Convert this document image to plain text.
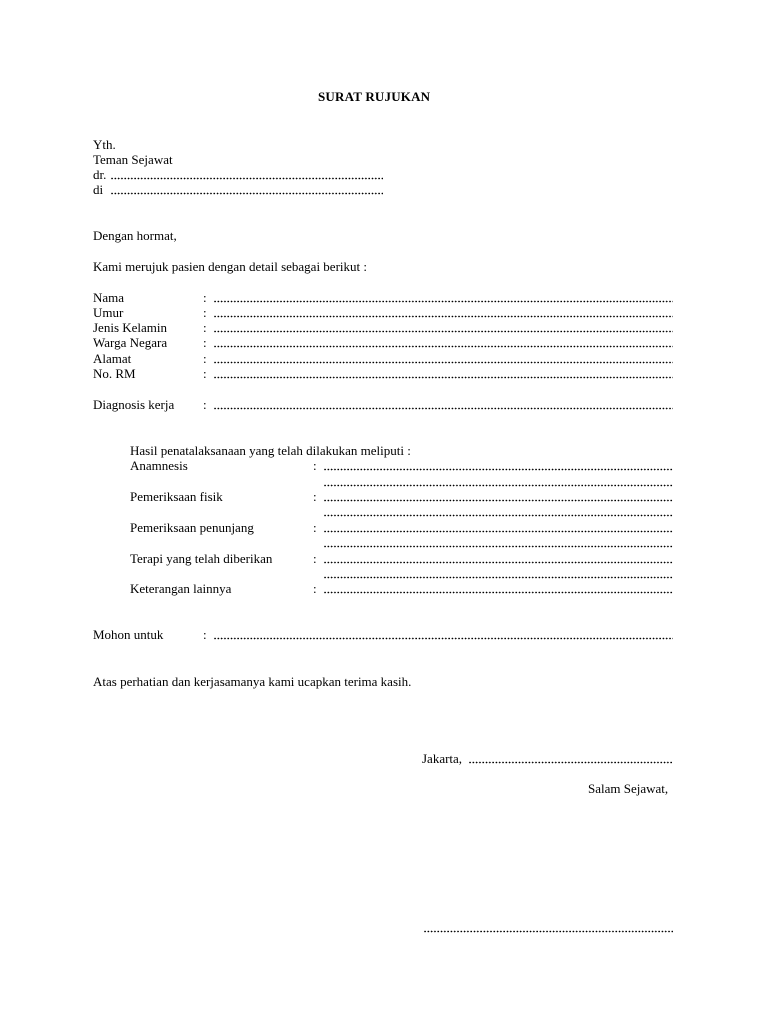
SURAT RUJUKAN
Yth.
Teman Sejawat
dr.
di
Dengan hormat,
Kami merujuk pasien dengan detail sebagai berikut :
Nama	:
Umur	:
Jenis Kelamin	:
Warga Negara	:
Alamat	:
No. RM	:
Diagnosis kerja :
Hasil penatalaksanaan yang telah dilakukan meliputi :
Anamnesis	:
Pemeriksaan fisik	:
Pemeriksaan penunjang	:
Terapi yang telah diberikan	:
Keterangan lainnya	:
Mohon untuk	:
Atas perhatian dan kerjasamanya kami ucapkan terima kasih.
Jakarta,
Salam Sejawat,
